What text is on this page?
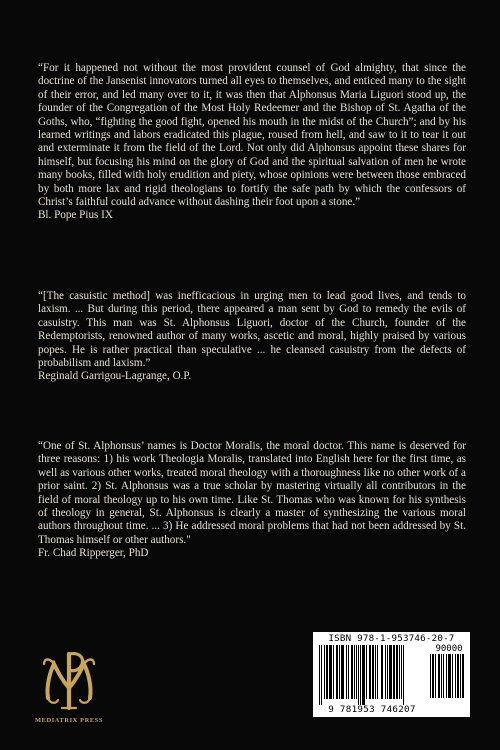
“For it happened not without the most provident counsel of God almighty, that since the doctrine of the Jansenist innovators turned all eyes to themselves, and enticed many to the sight of their error, and led many over to it, it was then that Alphonsus Maria Liguori stood up, the founder of the Congregation of the Most Holy Redeemer and the Bishop of St. Agatha of the Goths, who, “fighting the good fight, opened his mouth in the midst of the Church”; and by his learned writings and labors eradicated this plague, roused from hell, and saw to it to tear it out and exterminate it from the field of the Lord. Not only did Alphonsus appoint these shares for himself, but focusing his mind on the glory of God and the spiritual salvation of men he wrote many books, filled with holy erudition and piety, whose opinions were between those embraced by both more lax and rigid theologians to fortify the safe path by which the confessors of Christ’s faithful could advance without dashing their foot upon a stone.”
Bl. Pope Pius IX

“[The casuistic method] was inefficacious in urging men to lead good lives, and tends to laxism. ... But during this period, there appeared a man sent by God to remedy the evils of casuistry. This man was St. Alphonsus Liguori, doctor of the Church, founder of the Redemptorists, renowned author of many works, ascetic and moral, highly praised by various popes. He is rather practical than speculative ... he cleansed casuistry from the defects of probabilism and laxism.”
Reginald Garrigou-Lagrange, O.P.

“One of St. Alphonsus’ names is Doctor Moralis, the moral doctor. This name is deserved for three reasons: 1) his work Theologia Moralis, translated into English here for the first time, as well as various other works, treated moral theology with a thoroughness like no other work of a prior saint. 2) St. Alphonsus was a true scholar by mastering virtually all contributors in the field of moral theology up to his own time. Like St. Thomas who was known for his synthesis of theology in general, St. Alphonsus is clearly a master of synthesizing the various moral authors throughout time. ... 3) He addressed moral problems that had not been addressed by St. Thomas himself or other authors."
Fr. Chad Ripperger, PhD

MEDIATRIX PRESS
ISBN 978-1-953746-20-7
90000
9 781953 746207
